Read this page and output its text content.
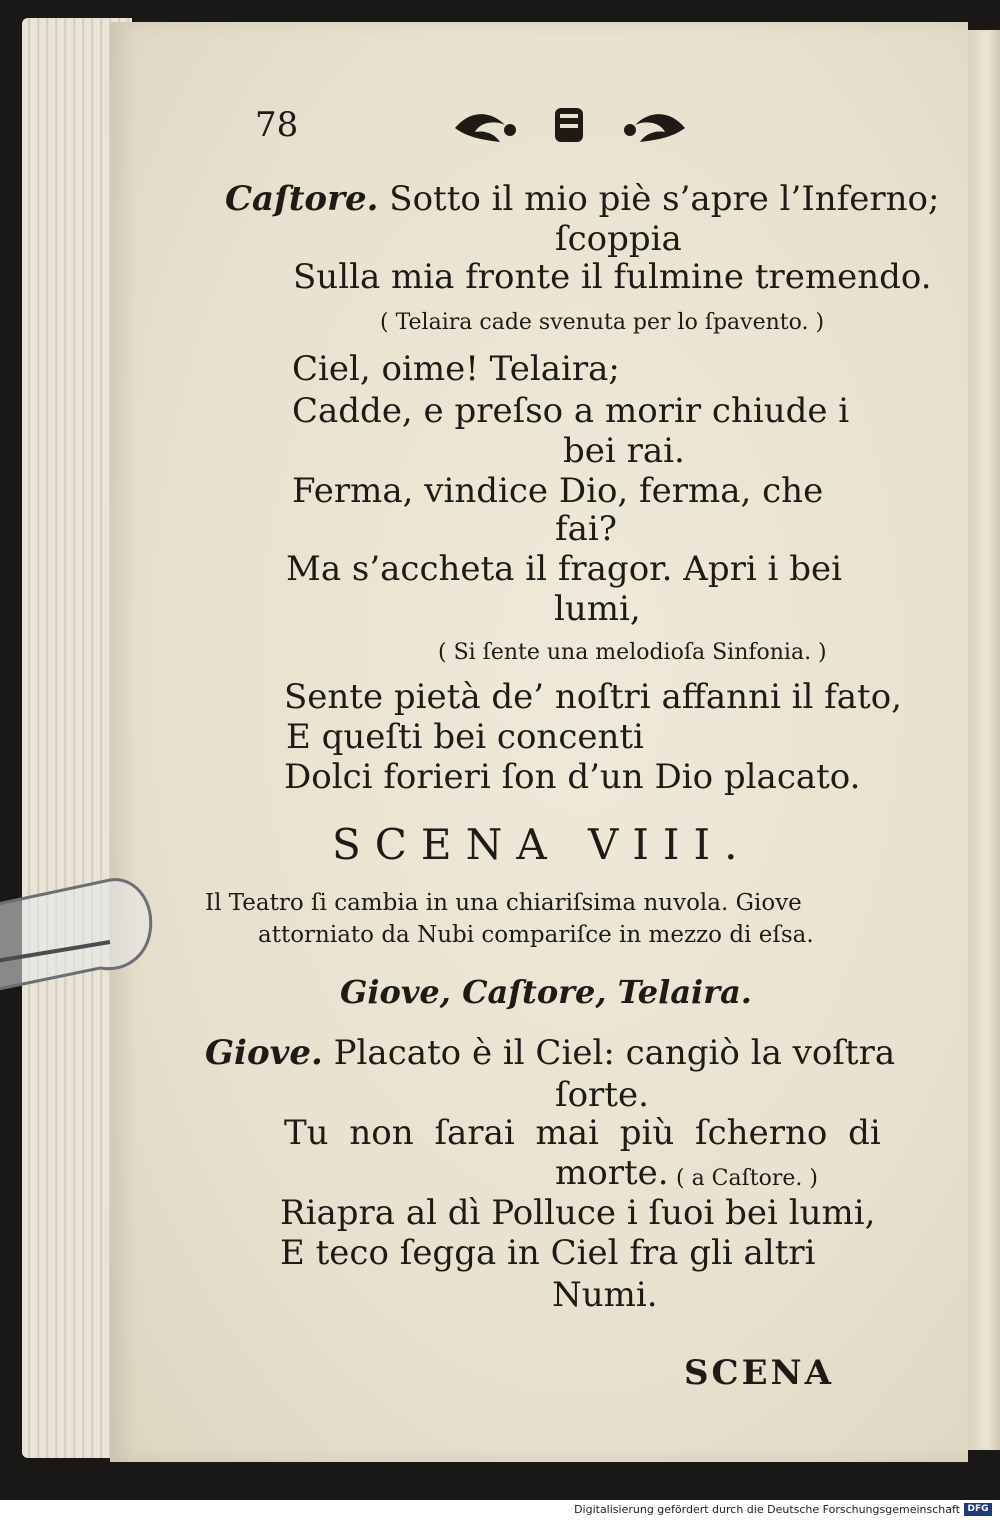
78
Caſtore. Sotto il mio piè s’apre l’Inferno;
ſcoppia
Sulla mia fronte il fulmine tremendo.
( Telaira cade svenuta per lo ſpavento. )
Ciel, oime! Telaira;
Cadde, e preſso a morir chiude i
bei rai.
Ferma, vindice Dio, ferma, che
fai?
Ma s’accheta il fragor. Apri i bei
lumi,
( Si ſente una melodioſa Sinfonia. )
Sente pietà de’ noſtri affanni il fato,
E queſti bei concenti
Dolci forieri ſon d’un Dio placato.
SCENA VIII.
Il Teatro ſi cambia in una chiariſsima nuvola. Giove
attorniato da Nubi compariſce in mezzo di eſsa.
Giove, Caſtore, Telaira.
Giove. Placato è il Ciel: cangiò la voſtra
ſorte.
Tu non ſarai mai più ſcherno di
morte. ( a Caſtore. )
Riapra al dì Polluce i ſuoi bei lumi,
E teco ſegga in Ciel fra gli altri
Numi.
SCENA
Digitalisierung gefördert durch die Deutsche Forschungsgemeinschaft DFG
